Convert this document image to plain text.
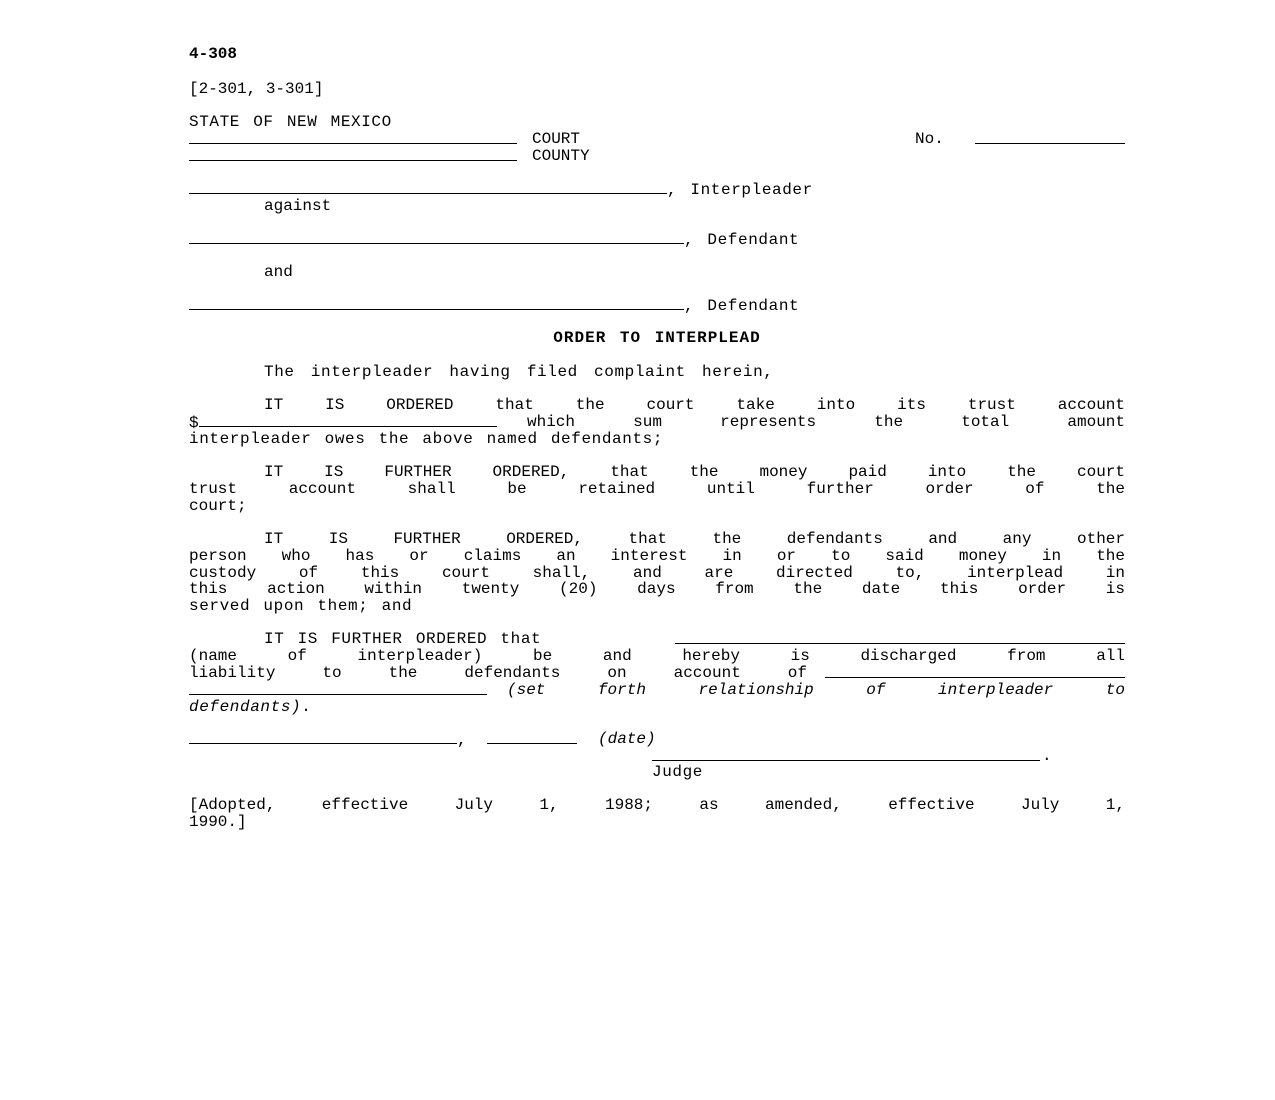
4-308
[2-301, 3-301]
STATE OF NEW MEXICO
COURT	No.
COUNTY
, Interpleader
against
, Defendant
and
, Defendant
ORDER TO INTERPLEAD
The interpleader having filed complaint herein,
IT IS ORDERED that the court take into its trust account
$	which sum represents the total amount
interpleader owes the above named defendants;
IT IS FURTHER ORDERED, that the money paid into the court
trust account shall be retained until further order of the
court;
IT IS FURTHER ORDERED, that the defendants and any other
person who has or claims an interest in or to said money in the
custody of this court shall, and are directed to, interplead in
this action within twenty (20) days from the date this order is
served upon them; and
IT IS FURTHER ORDERED that
(name of interpleader) be and hereby is discharged from all
liability to the defendants on account of
(set forth relationship of interpleader to
defendants).
,	(date)
.
Judge
[Adopted, effective July 1, 1988; as amended, effective July 1,
1990.]
